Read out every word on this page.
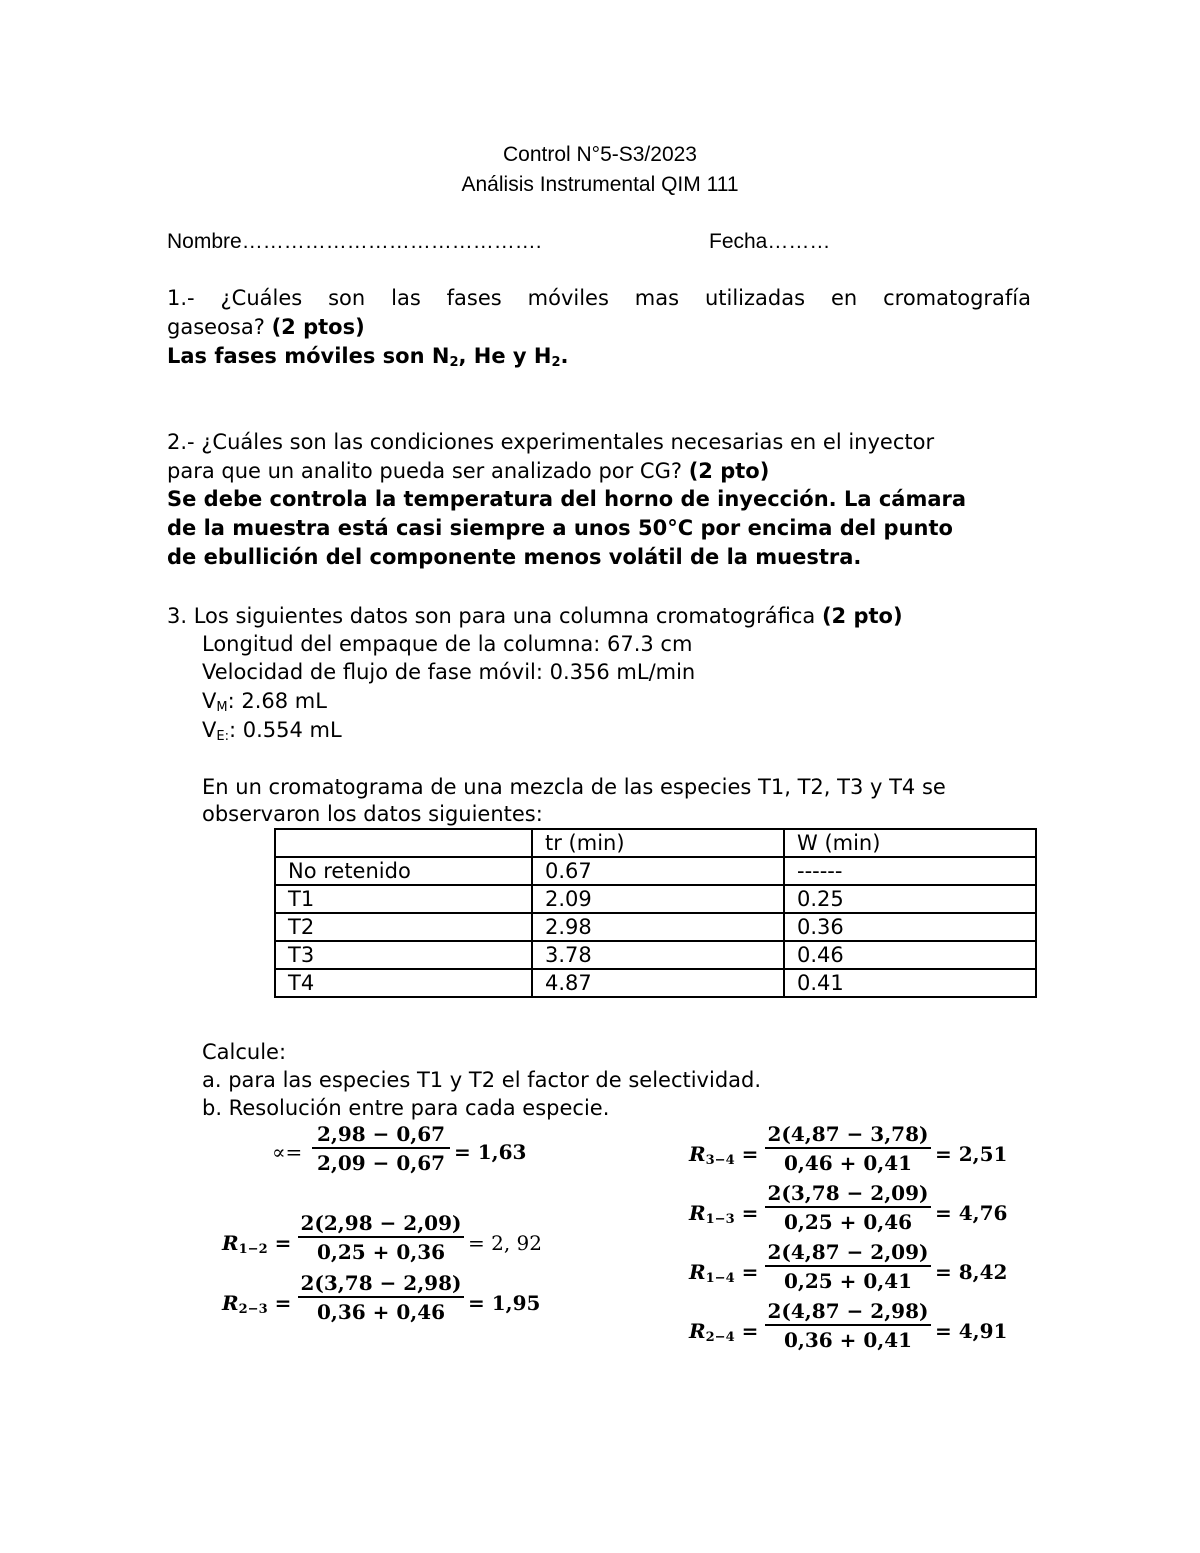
Control N°5-S3/2023
Análisis Instrumental QIM 111
Nombre…………………………………….	Fecha………
1.- ¿Cuáles son las fases móviles mas utilizadas en cromatografía
gaseosa? (2 ptos)
Las fases móviles son $N_2$, He y $H_2$.
2.- ¿Cuáles son las condiciones experimentales necesarias en el inyector
para que un analito pueda ser analizado por CG? (2 pto)
Se debe controla la temperatura del horno de inyección. La cámara
de la muestra está casi siempre a unos 50°C por encima del punto
de ebullición del componente menos volátil de la muestra.
3. Los siguientes datos son para una columna cromatográfica (2 pto)
Longitud del empaque de la columna: 67.3 cm
Velocidad de flujo de fase móvil: 0.356 mL/min
$V_M$: 2.68 mL
$V_{E:}$: 0.554 mL
En un cromatograma de una mezcla de las especies T1, T2, T3 y T4 se
observaron los datos siguientes:
	tr (min)	W (min)
No retenido	0.67	------
T1	2.09	0.25
T2	2.98	0.36
T3	3.78	0.46
T4	4.87	0.41
Calcule:
a. para las especies T1 y T2 el factor de selectividad.
b. Resolución entre para cada especie.
∝= $\frac{2,98 - 0,67}{2,09 - 0,67} = 1,63$
$R_{1-2} = \frac{2(2,98 - 2,09)}{0,25 + 0,36} = 2$, 92
$R_{2-3} = \frac{2(3,78 - 2,98)}{0,36 + 0,46} = 1,95$
$R_{3-4} = \frac{2(4,87 - 3,78)}{0,46 + 0,41} = 2,51$
$R_{1-3} = \frac{2(3,78 - 2,09)}{0,25 + 0,46} = 4,76$
$R_{1-4} = \frac{2(4,87 - 2,09)}{0,25 + 0,41} = 8,42$
$R_{2-4} = \frac{2(4,87 - 2,98)}{0,36 + 0,41} = 4,91$
